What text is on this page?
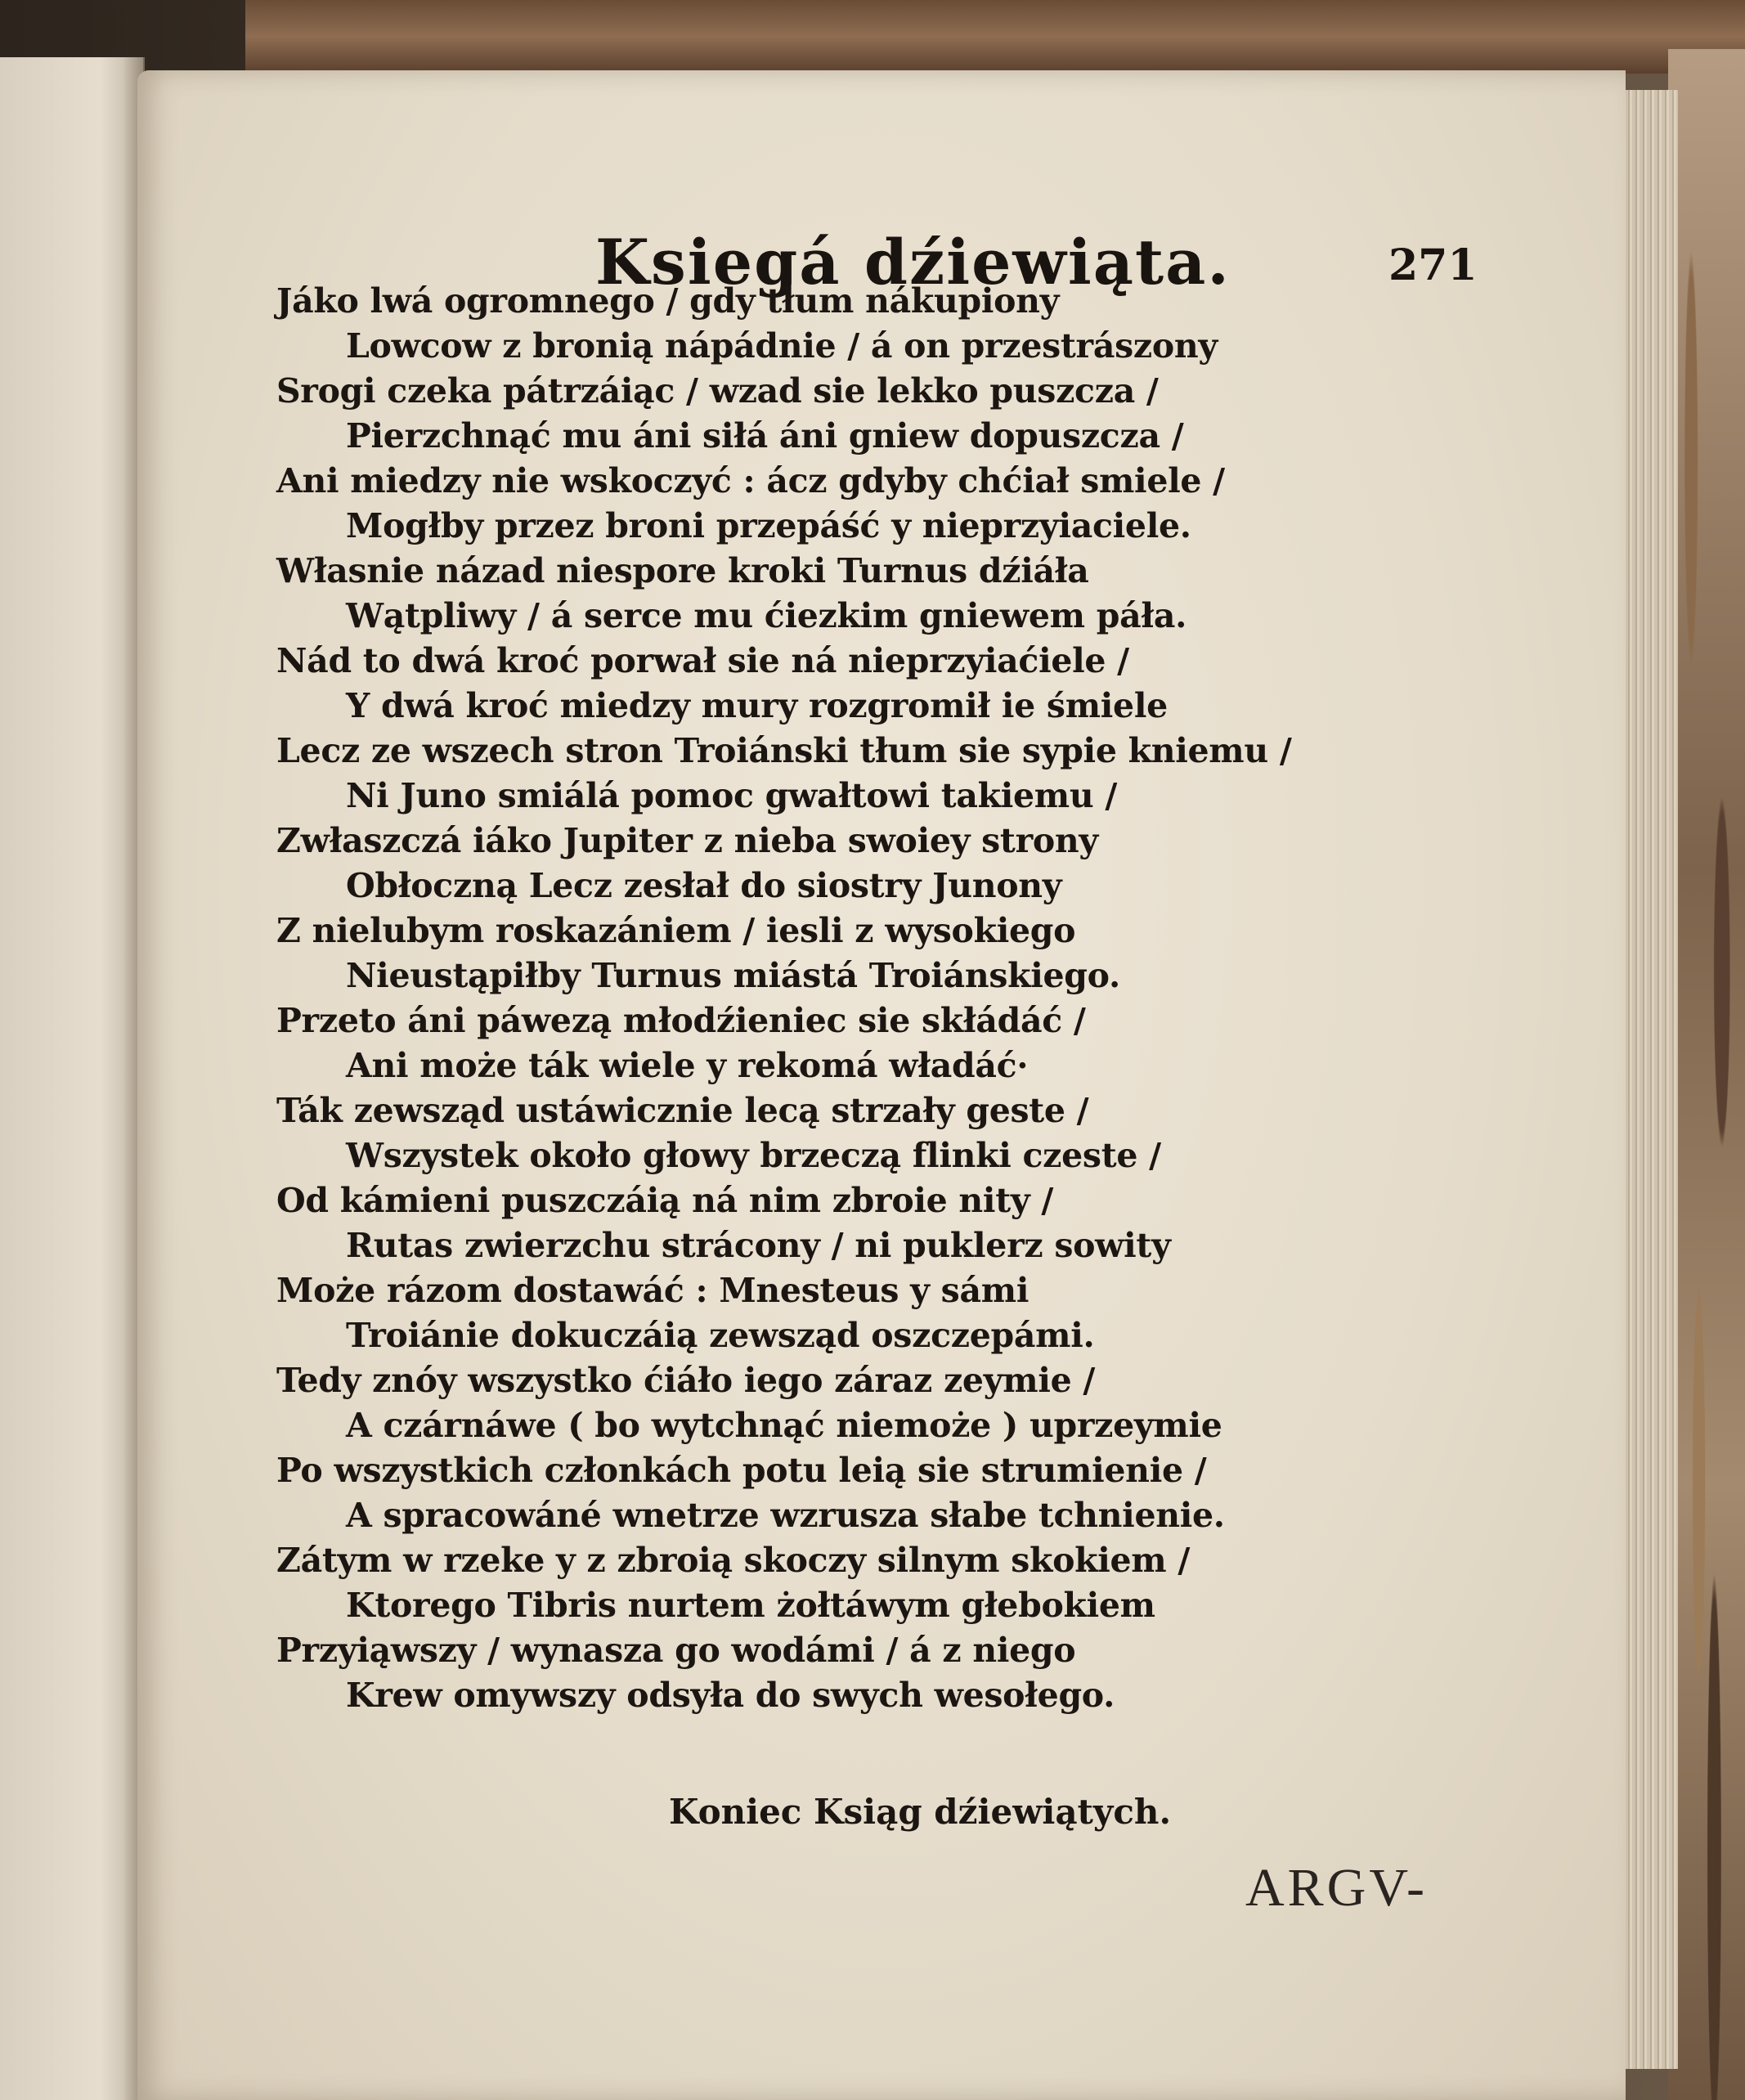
Ksiegá dźiewiąta.	271
Jáko lwá ogromnego / gdy tłum nákupiony
Lowcow z bronią nápádnie / á on przestrászony
Srogi czeka pátrzáiąc / wzad sie lekko puszcza /
Pierzchnąć mu áni siłá áni gniew dopuszcza /
Ani miedzy nie wskoczyć : ácz gdyby chćiał smiele /
Mogłby przez broni przepáść y nieprzyiaciele.
Własnie názad niespore kroki Turnus dźiáła
Wątpliwy / á serce mu ćiezkim gniewem páła.
Nád to dwá kroć porwał sie ná nieprzyiaćiele /
Y dwá kroć miedzy mury rozgromił ie śmiele
Lecz ze wszech stron Troiánski tłum sie sypie kniemu /
Ni Juno smiálá pomoc gwałtowi takiemu /
Zwłaszczá iáko Jupiter z nieba swoiey strony
Obłoczną Lecz zesłał do siostry Junony
Z nielubym roskazániem / iesli z wysokiego
Nieustąpiłby Turnus miástá Troiánskiego.
Przeto áni páwezą młodźieniec sie skłádáć /
Ani może ták wiele y rekomá władáć·
Ták zewsząd ustáwicznie lecą strzały geste /
Wszystek około głowy brzeczą flinki czeste /
Od kámieni puszczáią ná nim zbroie nity /
Rutas zwierzchu strácony / ni puklerz sowity
Może rázom dostawáć : Mnesteus y sámi
Troiánie dokuczáią zewsząd oszczepámi.
Tedy znóy wszystko ćiáło iego záraz zeymie /
A czárnáwe ( bo wytchnąć niemoże ) uprzeymie
Po wszystkich członkách potu leią sie strumienie /
A spracowáné wnetrze wzrusza słabe tchnienie.
Zátym w rzeke y z zbroią skoczy silnym skokiem /
Ktorego Tibris nurtem żołtáwym głebokiem
Przyiąwszy / wynasza go wodámi / á z niego
Krew omywszy odsyła do swych wesołego.
Koniec Ksiąg dźiewiątych.
ARGV-
